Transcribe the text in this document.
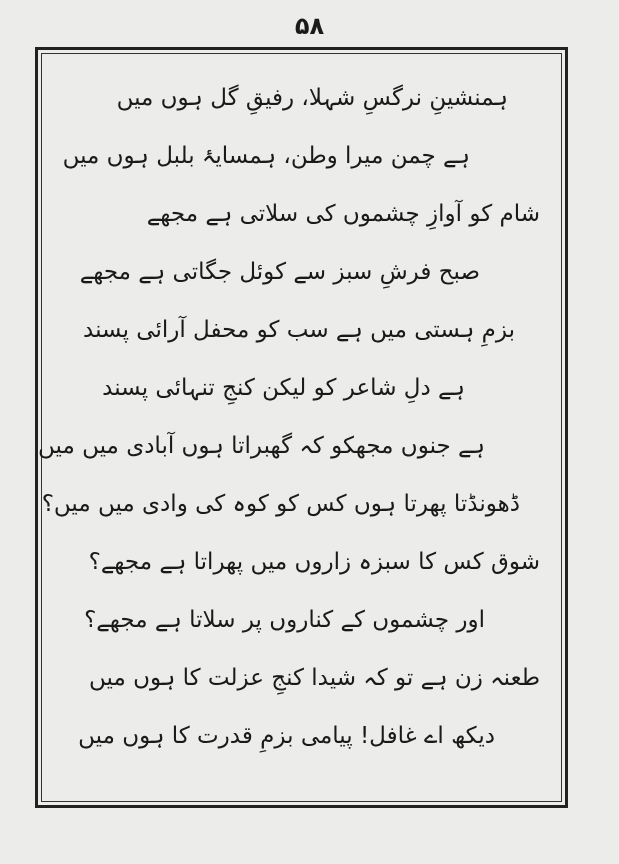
۵۸
ہمنشینِ نرگسِ شہلا، رفیقِ گل ہوں میں
ہے چمن میرا وطن، ہمسایۂ بلبل ہوں میں
شام کو آوازِ چشموں کی سلاتی ہے مجھے
صبح فرشِ سبز سے کوئل جگاتی ہے مجھے
بزمِ ہستی میں ہے سب کو محفل آرائی پسند
ہے دلِ شاعر کو لیکن کنجِ تنہائی پسند
ہے جنوں مجھکو کہ گھبراتا ہوں آبادی میں میں
ڈھونڈتا پھرتا ہوں کس کو کوہ کی وادی میں میں؟
شوق کس کا سبزہ زاروں میں پھراتا ہے مجھے؟
اور چشموں کے کناروں پر سلاتا ہے مجھے؟
طعنہ زن ہے تو کہ شیدا کنجِ عزلت کا ہوں میں
دیکھ اے غافل! پیامی بزمِ قدرت کا ہوں میں
